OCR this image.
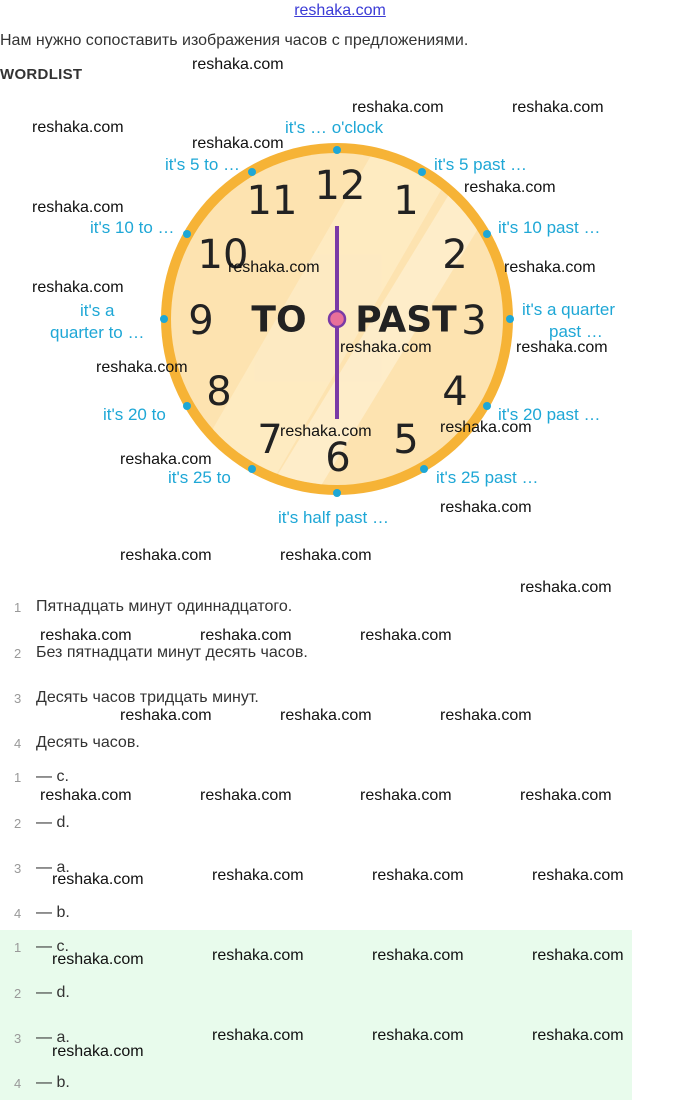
reshaka.com
Нам нужно сопоставить изображения часов с предложениями.
WORDLIST
12 1
2
3
4
5
6
7
8
9
10
11
TO PAST
it's … o'clock
it's 5 past …
it's 10 past …
it's a quarter
past …
it's 20 past …
it's 25 past …
it's half past …
it's 25 to
it's 20 to
it's a
quarter to …
it's 10 to …
it's 5 to …
1 Пятнадцать минут одиннадцатого.
2 Без пятнадцати минут десять часов.
3 Десять часов тридцать минут.
4 Десять часов.
1 — c.
2 — d.
3 — a.
4 — b.
1 — c.
2 — d.
3 — a.
4 — b.
reshaka.com
reshaka.com	reshaka.com
reshaka.com
reshaka.com
reshaka.com
reshaka.com
reshaka.com	reshaka.com
reshaka.com
reshaka.com	reshaka.com
reshaka.com
reshaka.com	reshaka.com
reshaka.com
reshaka.com
reshaka.com	reshaka.com
reshaka.com
reshaka.com	reshaka.com	reshaka.com
reshaka.com	reshaka.com	reshaka.com
reshaka.com	reshaka.com	reshaka.com	reshaka.com
reshaka.com	reshaka.com	reshaka.com	reshaka.com
reshaka.com	reshaka.com	reshaka.com	reshaka.com
reshaka.com	reshaka.com	reshaka.com
reshaka.com
